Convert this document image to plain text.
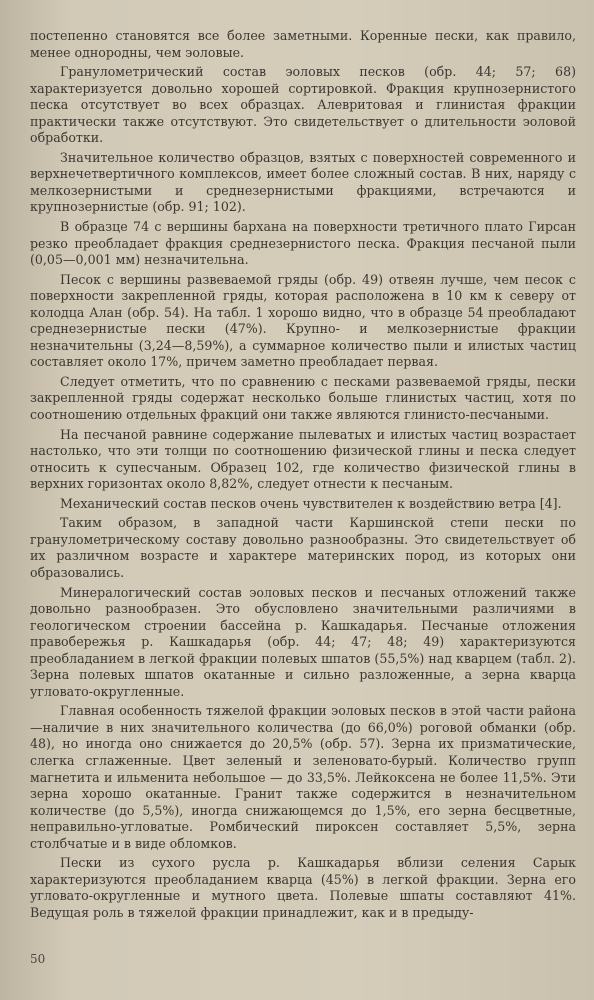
постепенно становятся все более заметными. Коренные пески, как правило, менее однородны, чем эоловые.

Гранулометрический состав эоловых песков (обр. 44; 57; 68) характеризуется довольно хорошей сортировкой. Фракция крупнозернистого песка отсутствует во всех образцах. Алевритовая и глинистая фракции практически также отсутствуют. Это свидетельствует о длительности эоловой обработки.

Значительное количество образцов, взятых с поверхностей современного и верхнечетвертичного комплексов, имеет более сложный состав. В них, наряду с мелкозернистыми и среднезернистыми фракциями, встречаются и крупнозернистые (обр. 91; 102).

В образце 74 с вершины бархана на поверхности третичного плато Гирсан резко преобладает фракция среднезернистого песка. Фракция песчаной пыли (0,05—0,001 мм) незначительна.

Песок с вершины развеваемой гряды (обр. 49) отвеян лучше, чем песок с поверхности закрепленной гряды, которая расположена в 10 км к северу от колодца Алан (обр. 54). На табл. 1 хорошо видно, что в образце 54 преобладают среднезернистые пески (47%). Крупно- и мелкозернистые фракции незначительны (3,24—8,59%), а суммарное количество пыли и илистых частиц составляет около 17%, причем заметно преобладает первая.

Следует отметить, что по сравнению с песками развеваемой гряды, пески закрепленной гряды содержат несколько больше глинистых частиц, хотя по соотношению отдельных фракций они также являются глинисто-песчаными.

На песчаной равнине содержание пылеватых и илистых частиц возрастает настолько, что эти толщи по соотношению физической глины и песка следует относить к супесчаным. Образец 102, где количество физической глины в верхних горизонтах около 8,82%, следует отнести к песчаным.

Механический состав песков очень чувствителен к воздействию ветра [4].

Таким образом, в западной части Каршинской степи пески по гранулометрическому составу довольно разнообразны. Это свидетельствует об их различном возрасте и характере материнских пород, из которых они образовались.

Минералогический состав эоловых песков и песчаных отложений также довольно разнообразен. Это обусловлено значительными различиями в геологическом строении бассейна р. Кашкадарья. Песчаные отложения правобережья р. Кашкадарья (обр. 44; 47; 48; 49) характеризуются преобладанием в легкой фракции полевых шпатов (55,5%) над кварцем (табл. 2). Зерна полевых шпатов окатанные и сильно разложенные, а зерна кварца угловато-округленные.

Главная особенность тяжелой фракции эоловых песков в этой части района—наличие в них значительного количества (до 66,0%) роговой обманки (обр. 48), но иногда оно снижается до 20,5% (обр. 57). Зерна их призматические, слегка сглаженные. Цвет зеленый и зеленовато-бурый. Количество групп магнетита и ильменита небольшое — до 33,5%. Лейкоксена не более 11,5%. Эти зерна хорошо окатанные. Гранит также содержится в незначительном количестве (до 5,5%), иногда снижающемся до 1,5%, его зерна бесцветные, неправильно-угловатые. Ромбический пироксен составляет 5,5%, зерна столбчатые и в виде обломков.

Пески из сухого русла р. Кашкадарья вблизи селения Сарык характеризуются преобладанием кварца (45%) в легкой фракции. Зерна его угловато-округленные и мутного цвета. Полевые шпаты составляют 41%. Ведущая роль в тяжелой фракции принадлежит, как и в предыду-

50
